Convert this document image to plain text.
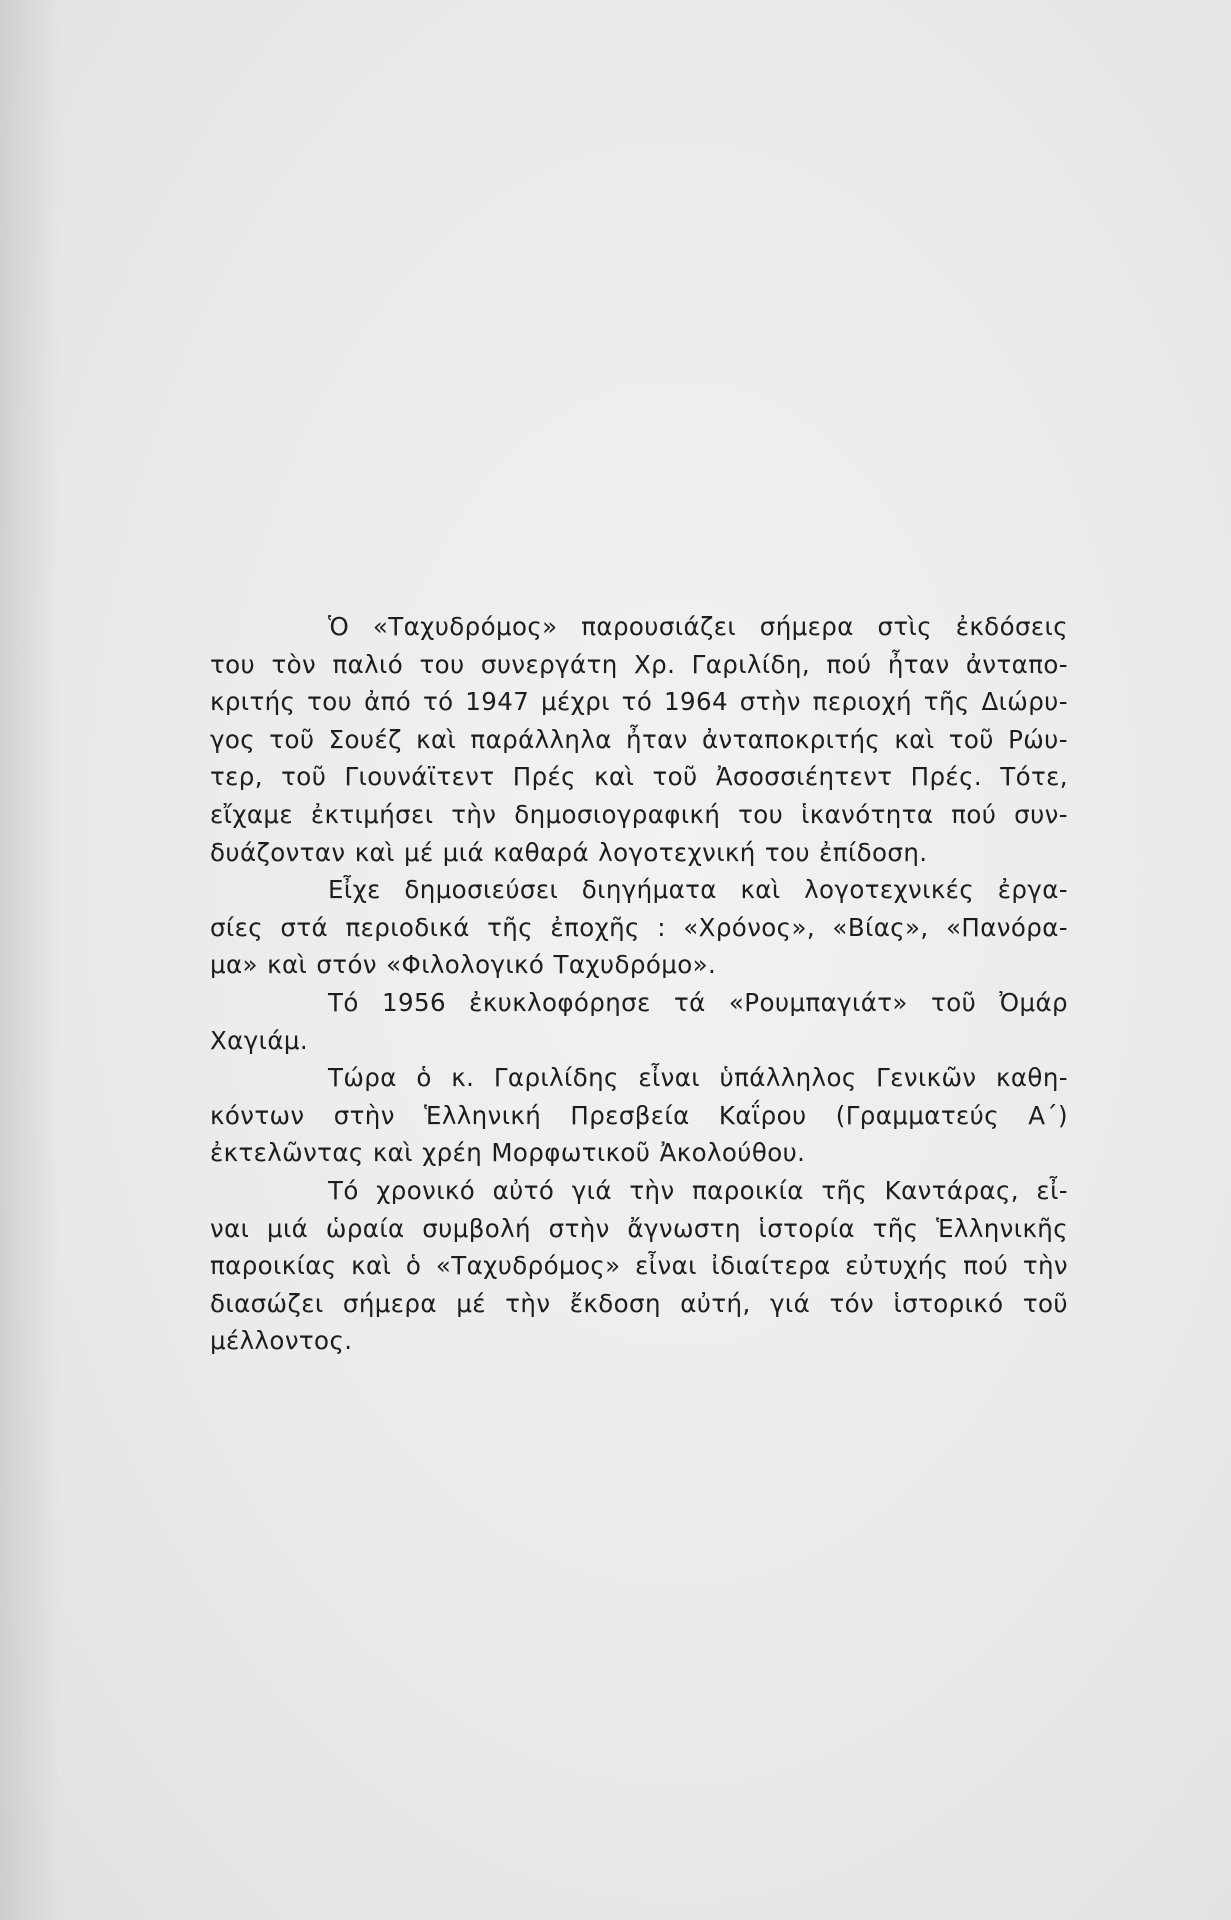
Ὁ «Ταχυδρόμος» παρουσιάζει σήμερα στὶς ἐκδόσεις
του τὸν παλιό του συνεργάτη Χρ. Γαριλίδη, πού ἦταν ἀνταπο-
κριτής του ἀπό τό 1947 μέχρι τό 1964 στὴν περιοχή τῆς Διώρυ-
γος τοῦ Σουέζ καὶ παράλληλα ἦταν ἀνταποκριτής καὶ τοῦ Ρώυ-
τερ, τοῦ Γιουνάϊτεντ Πρές καὶ τοῦ Ἀσοσσιέητεντ Πρές. Τότε,
εἴχαμε ἐκτιμήσει τὴν δημοσιογραφική του ἱκανότητα πού συν-
δυάζονταν καὶ μέ μιά καθαρά λογοτεχνική του ἐπίδοση.
Εἶχε δημοσιεύσει διηγήματα καὶ λογοτεχνικές ἐργα-
σίες στά περιοδικά τῆς ἐποχῆς : «Χρόνος», «Βίας», «Πανόρα-
μα» καὶ στόν «Φιλολογικό Ταχυδρόμο».
Τό 1956 ἐκυκλοφόρησε τά «Ρουμπαγιάτ» τοῦ Ὀμάρ
Χαγιάμ.
Τώρα ὁ κ. Γαριλίδης εἶναι ὑπάλληλος Γενικῶν καθη-
κόντων στὴν Ἑλληνική Πρεσβεία Καΐρου (Γραμματεύς Α΄)
ἐκτελῶντας καὶ χρέη Μορφωτικοῦ Ἀκολούθου.
Τό χρονικό αὐτό γιά τὴν παροικία τῆς Καντάρας, εἶ-
ναι μιά ὡραία συμβολή στὴν ἄγνωστη ἱστορία τῆς Ἑλληνικῆς
παροικίας καὶ ὁ «Ταχυδρόμος» εἶναι ἰδιαίτερα εὐτυχής πού τὴν
διασώζει σήμερα μέ τὴν ἔκδοση αὐτή, γιά τόν ἱστορικό τοῦ
μέλλοντος.
